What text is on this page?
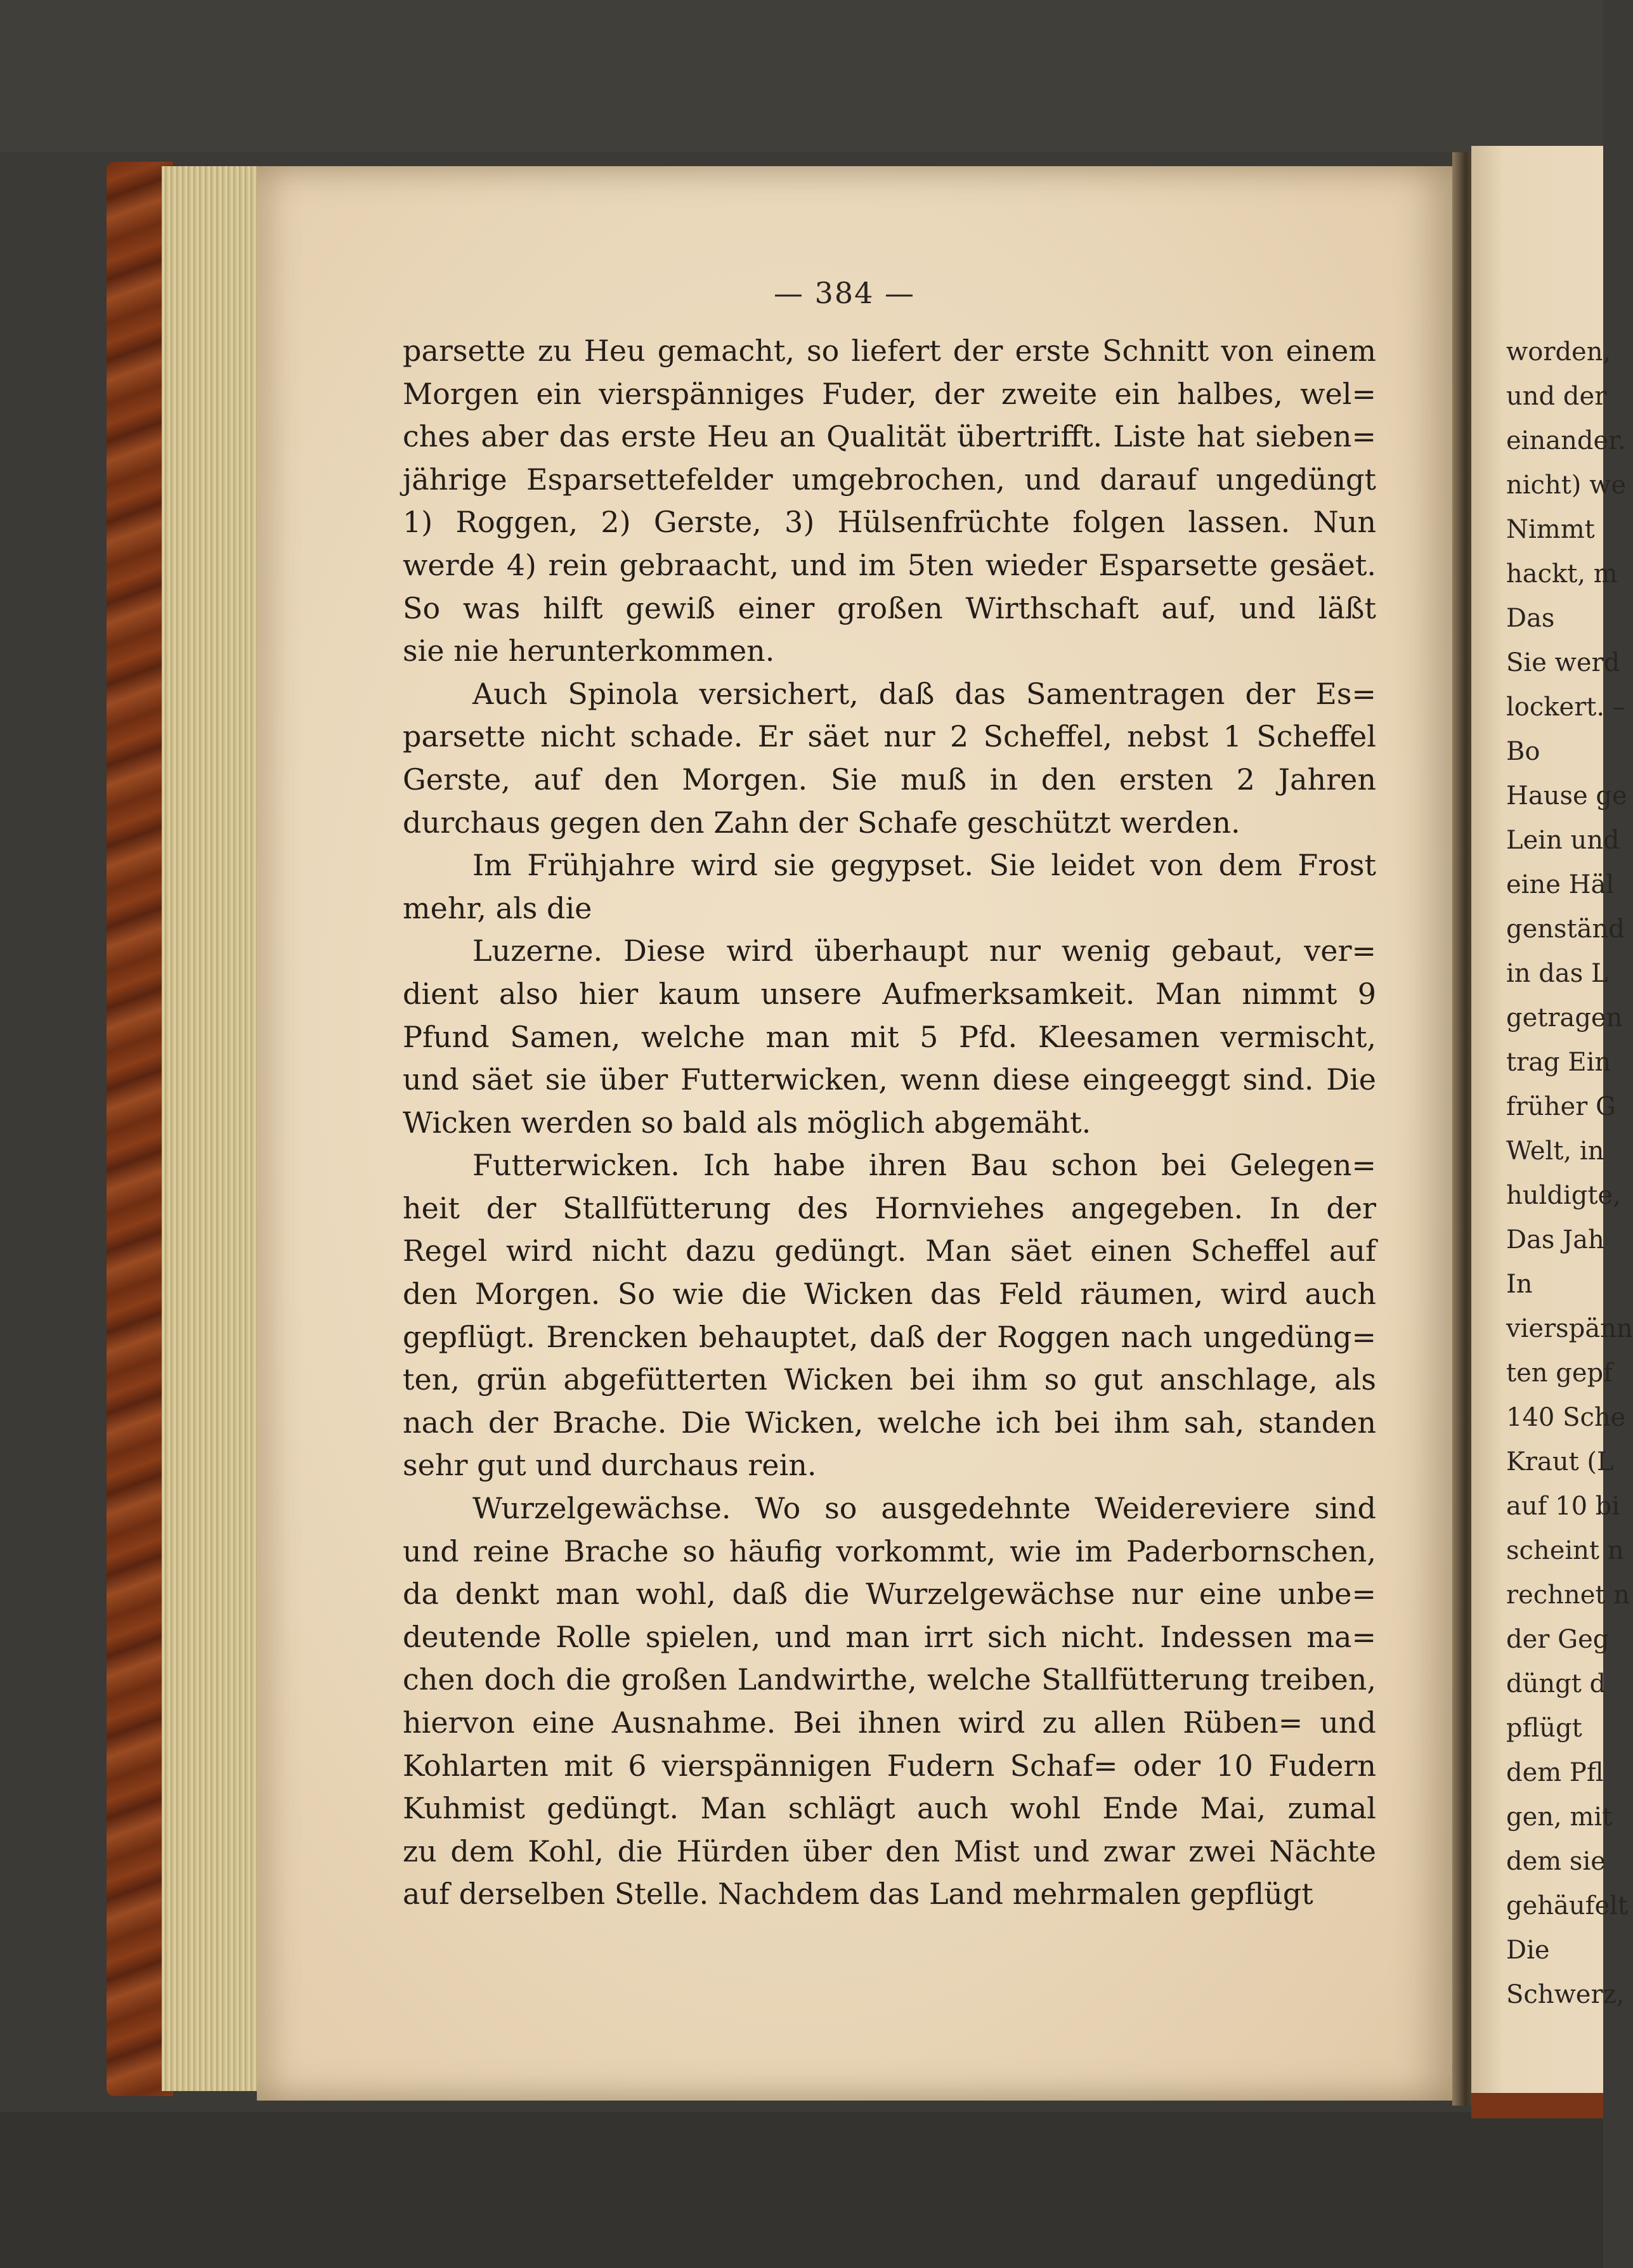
— 384 —
parsette zu Heu gemacht, so liefert der erste Schnitt von einem
Morgen ein vierspänniges Fuder, der zweite ein halbes, wel=
ches aber das erste Heu an Qualität übertrifft. Liste hat sieben=
jährige Esparsettefelder umgebrochen, und darauf ungedüngt
1) Roggen, 2) Gerste, 3) Hülsenfrüchte folgen lassen. Nun
werde 4) rein gebraacht, und im 5ten wieder Esparsette gesäet.
So was hilft gewiß einer großen Wirthschaft auf, und läßt
sie nie herunterkommen.
Auch Spinola versichert, daß das Samentragen der Es=
parsette nicht schade. Er säet nur 2 Scheffel, nebst 1 Scheffel
Gerste, auf den Morgen. Sie muß in den ersten 2 Jahren
durchaus gegen den Zahn der Schafe geschützt werden.
Im Frühjahre wird sie gegypset. Sie leidet von dem Frost
mehr, als die
Luzerne. Diese wird überhaupt nur wenig gebaut, ver=
dient also hier kaum unsere Aufmerksamkeit. Man nimmt 9
Pfund Samen, welche man mit 5 Pfd. Kleesamen vermischt,
und säet sie über Futterwicken, wenn diese eingeeggt sind. Die
Wicken werden so bald als möglich abgemäht.
Futterwicken. Ich habe ihren Bau schon bei Gelegen=
heit der Stallfütterung des Hornviehes angegeben. In der
Regel wird nicht dazu gedüngt. Man säet einen Scheffel auf
den Morgen. So wie die Wicken das Feld räumen, wird auch
gepflügt. Brencken behauptet, daß der Roggen nach ungedüng=
ten, grün abgefütterten Wicken bei ihm so gut anschlage, als
nach der Brache. Die Wicken, welche ich bei ihm sah, standen
sehr gut und durchaus rein.
Wurzelgewächse. Wo so ausgedehnte Weidereviere sind
und reine Brache so häufig vorkommt, wie im Paderbornschen,
da denkt man wohl, daß die Wurzelgewächse nur eine unbe=
deutende Rolle spielen, und man irrt sich nicht. Indessen ma=
chen doch die großen Landwirthe, welche Stallfütterung treiben,
hiervon eine Ausnahme. Bei ihnen wird zu allen Rüben= und
Kohlarten mit 6 vierspännigen Fudern Schaf= oder 10 Fudern
Kuhmist gedüngt. Man schlägt auch wohl Ende Mai, zumal
zu dem Kohl, die Hürden über den Mist und zwar zwei Nächte
auf derselben Stelle. Nachdem das Land mehrmalen gepflügt
worden,
und der
einander.
nicht) we
Nimmt
hackt, m
Das
Sie werd
lockert. –
Bo
Hause ge
Lein und
eine Häl
genständ
in das L
getragen
trag Ein
früher G
Welt, in
huldigte,
Das Jah
In
vierspänn
ten gepf
140 Sche
Kraut (L
auf 10 bi
scheint n
rechnet n
der Geg
düngt d
pflügt
dem Pfl
gen, mit
dem sie
gehäufelt
Die
Schwerz,
